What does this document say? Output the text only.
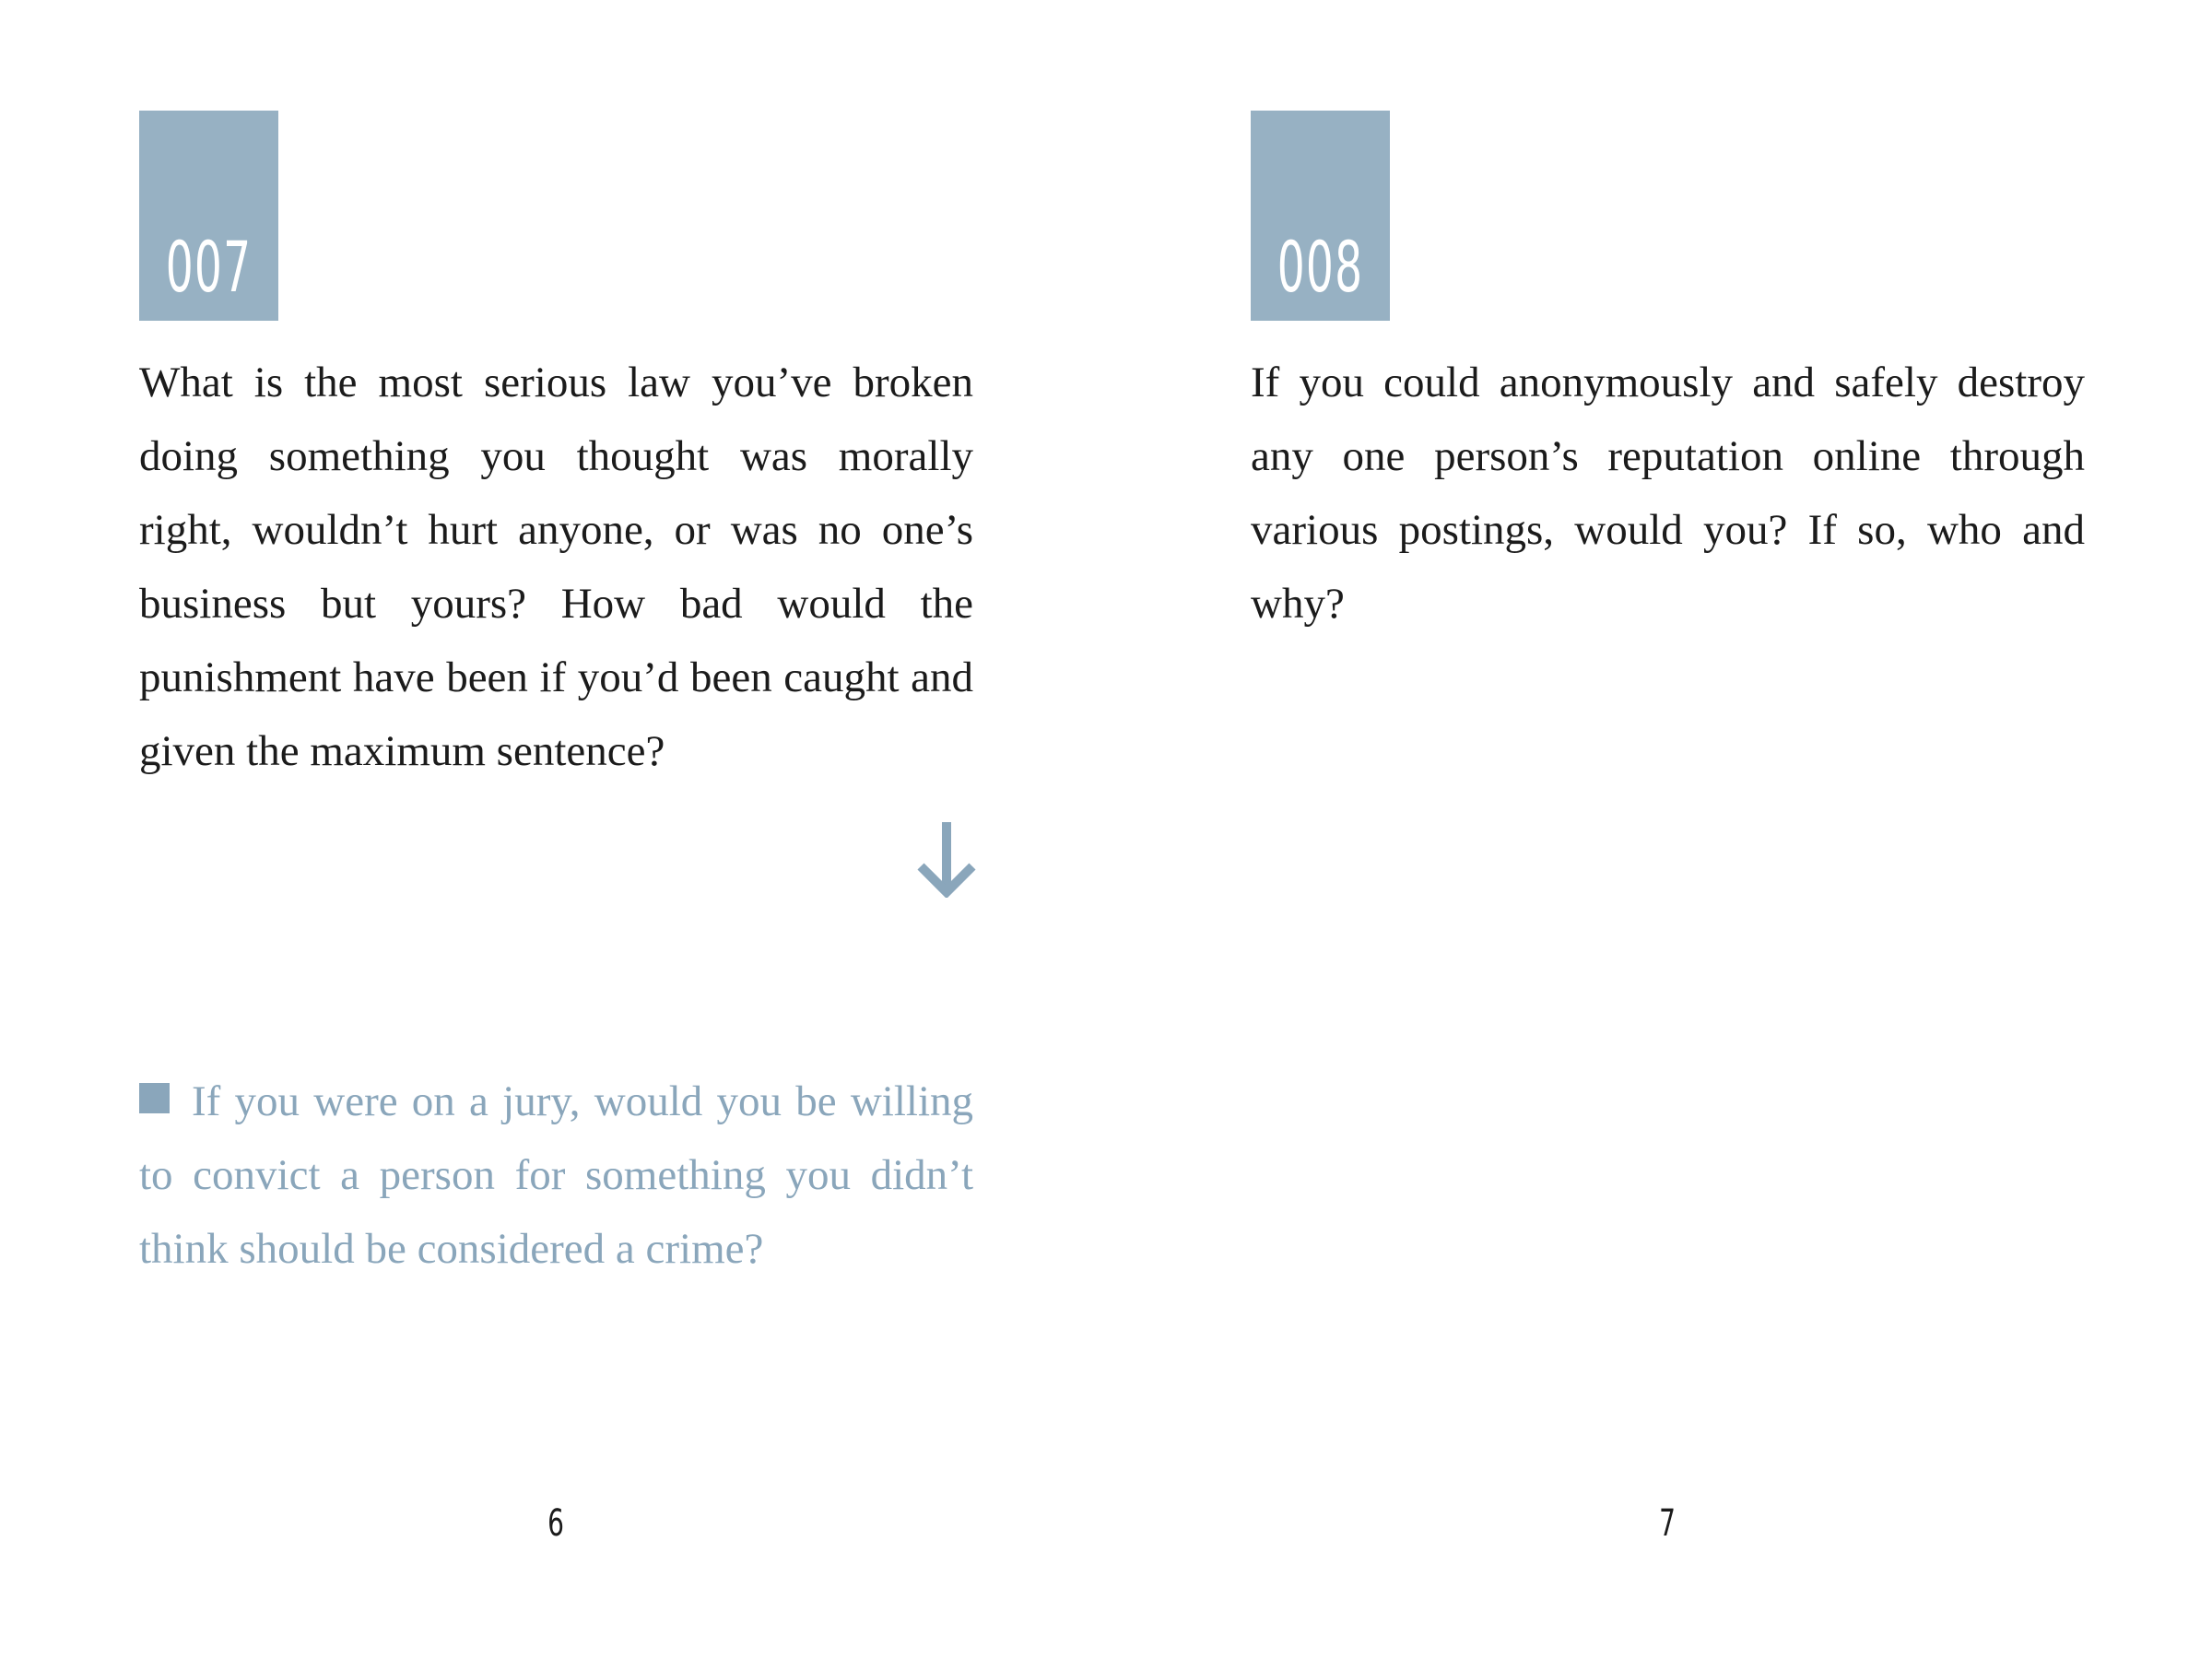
007

What is the most serious law you’ve broken doing something you thought was morally right, wouldn’t hurt anyone, or was no one’s business but yours? How bad would the punishment have been if you’d been caught and given the maximum sentence?

If you were on a jury, would you be willing to convict a person for something you didn’t think should be considered a crime?

6
008

If you could anonymously and safely destroy any one person’s reputation online through various postings, would you? If so, who and why?

7
